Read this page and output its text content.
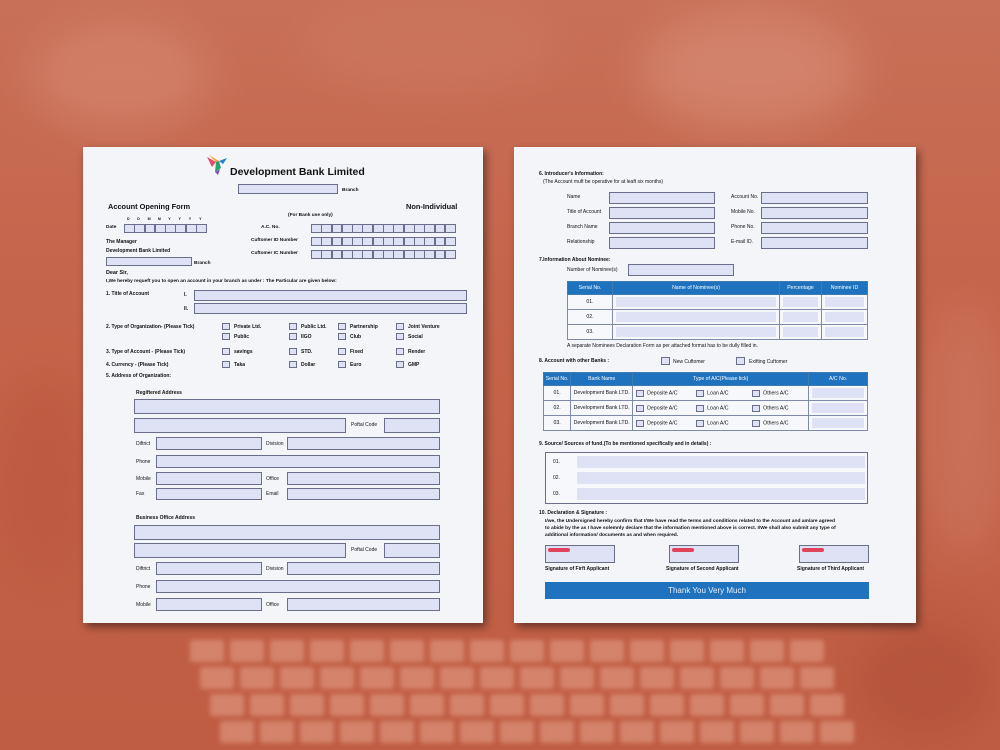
Development Bank Limited
Branch
Account Opening Form	Non-Individual
(For Bank use only)
D D M M Y Y Y Y
Date	A.C. No.
Cuftomer ID Number
Cuftomer IC Number
The Manager
Development Bank Limited
Branch
Dear Sir,
I,We hereby requeft you to open an account in your branch as under : The Particular are given below:
1. Title of Account	I.
II.
2. Type of Organization- (Please Tick)	Private Ltd.	Public Ltd.	Partnership	Joint Venture
Public	IIGO	Club	Social
3. Type of Account - (Please Tick)	savings	STD.	Fixed	Render
4. Currency - (Please Tick)	Taka	Dollar	Euro	GMP
5. Address of Organization:
Regiftered Address
Poftal Code
Diftrict	Division
Phone
Mobile	Office
Fax	Email
Business Office Address
Poftal Code
Diftrict	Division
Phone
Mobile	Office
6. Introducer's Information:
(The Account muft be operative for at leaft six months)
Name	Account No.
Title of Account	Mobile No.
Branch Name	Phone No.
Relationship	E-mail ID.
7.Information About Nominee:
Number of Nominee(s)
Serial No.	Name of Nominee(s)	Percentage	Nominee ID
01.	

02.	

03.	

A separate Nominees Declaration Form as per attached format has to be dully filled in.
8. Account with other Banks :	New Cuftomer	Exifting Cuftomer
Serial No.	Bank Name	Type of A/C(Please tick)	A/C No.
01.	Development Bank LTD.	Deposite A/C Loan A/C Others A/C	

02.	Development Bank LTD.	Deposite A/C Loan A/C Others A/C	

03.	Development Bank LTD.	Deposite A/C Loan A/C Others A/C	
9. Source/ Sources of fund.(To be mentioned specifically and in details) :
01.
02.
03.
10. Declaration & Signature :
I/we, the Undersigned hereby confirm that I/We have read the terms and conditions related to the Account and am/are agreed
to abide by the as I have solemnly declare that the information mentioned above is correct. I/We shall also submit any type of
additional information/ documents as and when required.
Signature of Firft Applicant	Signature of Second Applicant	Signature of Third Applicant
Thank You Very Much
